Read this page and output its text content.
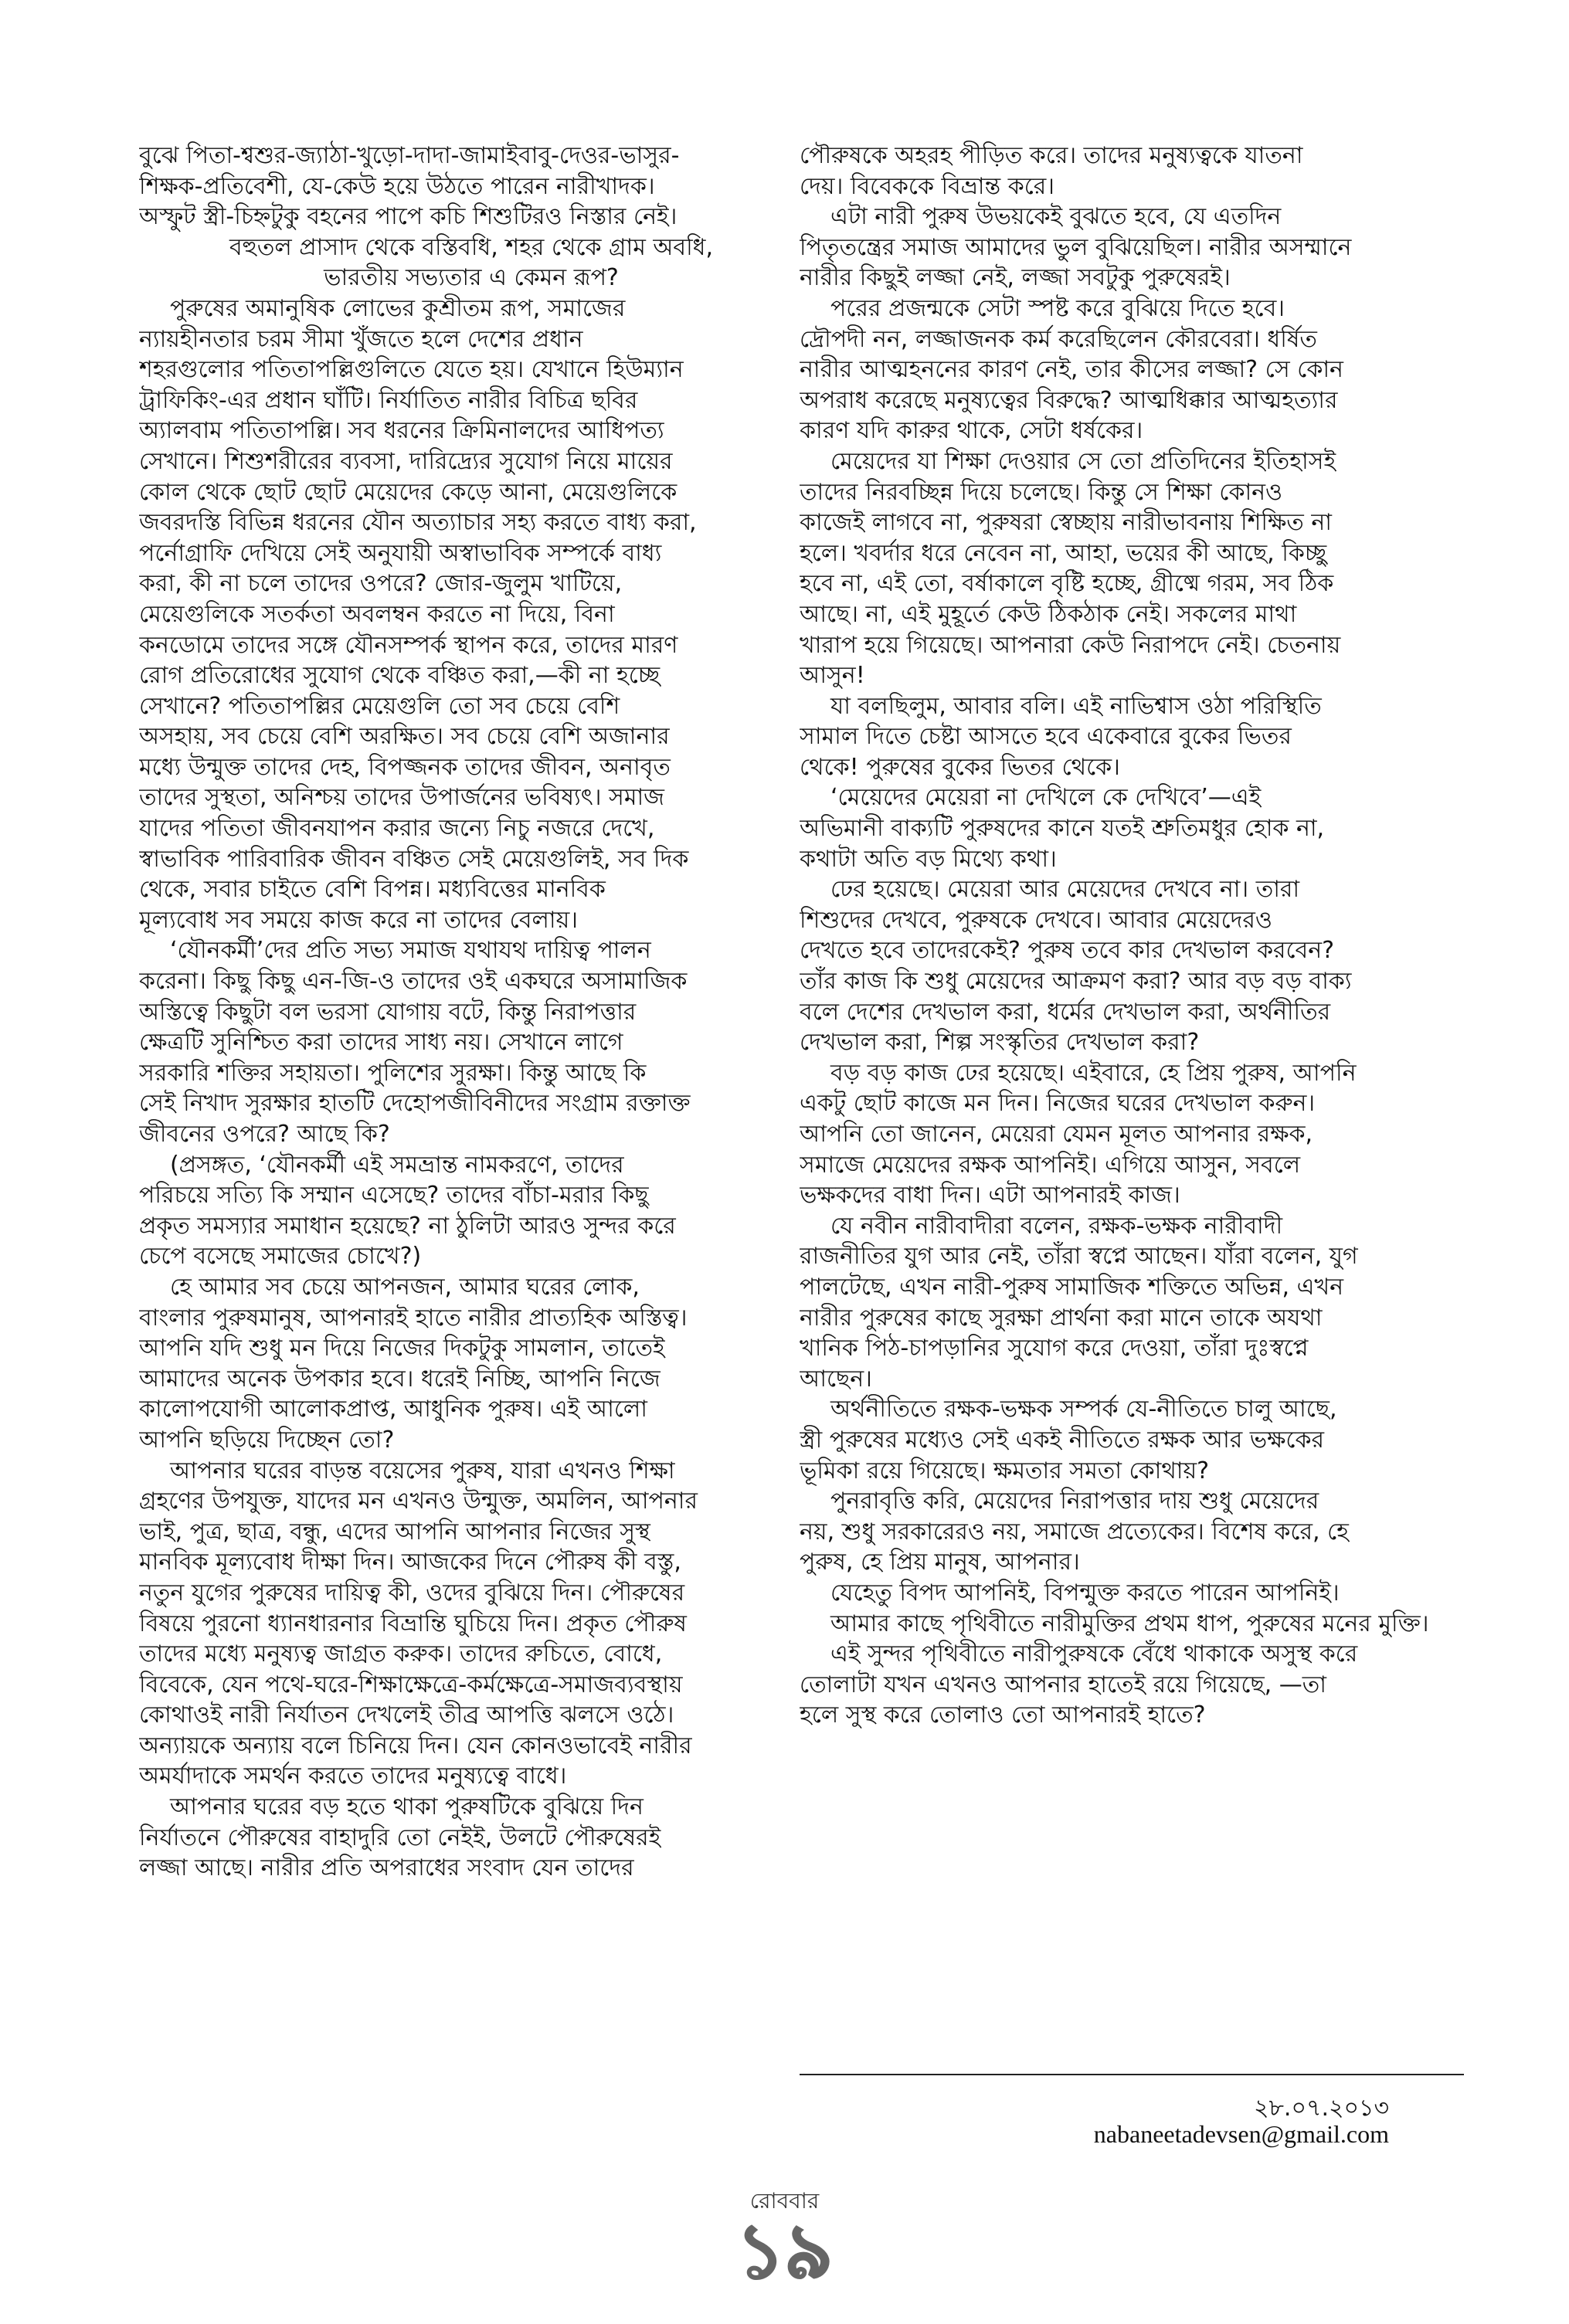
বুঝে পিতা-শ্বশুর-জ্যাঠা-খুড়ো-দাদা-জামাইবাবু-দেওর-ভাসুর-
শিক্ষক-প্রতিবেশী, যে-কেউ হয়ে উঠতে পারেন নারীখাদক।
অস্ফুট স্ত্রী-চিহ্নটুকু বহনের পাপে কচি শিশুটিরও নিস্তার নেই।
বহুতল প্রাসাদ থেকে বস্তিবধি, শহর থেকে গ্রাম অবধি,
ভারতীয় সভ্যতার এ কেমন রূপ?
পুরুষের অমানুষিক লোভের কুশ্রীতম রূপ, সমাজের
ন্যায়হীনতার চরম সীমা খুঁজতে হলে দেশের প্রধান
শহরগুলোর পতিতাপল্লিগুলিতে যেতে হয়। যেখানে হিউম্যান
ট্রাফিকিং-এর প্রধান ঘাঁটি। নির্যাতিত নারীর বিচিত্র ছবির
অ্যালবাম পতিতাপল্লি। সব ধরনের ক্রিমিনালদের আধিপত্য
সেখানে। শিশুশরীরের ব্যবসা, দারিদ্র্যের সুযোগ নিয়ে মায়ের
কোল থেকে ছোট ছোট মেয়েদের কেড়ে আনা, মেয়েগুলিকে
জবরদস্তি বিভিন্ন ধরনের যৌন অত্যাচার সহ্য করতে বাধ্য করা,
পর্নোগ্রাফি দেখিয়ে সেই অনুযায়ী অস্বাভাবিক সম্পর্কে বাধ্য
করা, কী না চলে তাদের ওপরে? জোর-জুলুম খাটিয়ে,
মেয়েগুলিকে সতর্কতা অবলম্বন করতে না দিয়ে, বিনা
কনডোমে তাদের সঙ্গে যৌনসম্পর্ক স্থাপন করে, তাদের মারণ
রোগ প্রতিরোধের সুযোগ থেকে বঞ্চিত করা,—কী না হচ্ছে
সেখানে? পতিতাপল্লির মেয়েগুলি তো সব চেয়ে বেশি
অসহায়, সব চেয়ে বেশি অরক্ষিত। সব চেয়ে বেশি অজানার
মধ্যে উন্মুক্ত তাদের দেহ, বিপজ্জনক তাদের জীবন, অনাবৃত
তাদের সুস্থতা, অনিশ্চয় তাদের উপার্জনের ভবিষ্যৎ। সমাজ
যাদের পতিতা জীবনযাপন করার জন্যে নিচু নজরে দেখে,
স্বাভাবিক পারিবারিক জীবন বঞ্চিত সেই মেয়েগুলিই, সব দিক
থেকে, সবার চাইতে বেশি বিপন্ন। মধ্যবিত্তের মানবিক
মূল্যবোধ সব সময়ে কাজ করে না তাদের বেলায়।
‘যৌনকর্মী’দের প্রতি সভ্য সমাজ যথাযথ দায়িত্ব পালন
করেনা। কিছু কিছু এন-জি-ও তাদের ওই একঘরে অসামাজিক
অস্তিত্বে কিছুটা বল ভরসা যোগায় বটে, কিন্তু নিরাপত্তার
ক্ষেত্রটি সুনিশ্চিত করা তাদের সাধ্য নয়। সেখানে লাগে
সরকারি শক্তির সহায়তা। পুলিশের সুরক্ষা। কিন্তু আছে কি
সেই নিখাদ সুরক্ষার হাতটি দেহোপজীবিনীদের সংগ্রাম রক্তাক্ত
জীবনের ওপরে? আছে কি?
(প্রসঙ্গত, ‘যৌনকর্মী এই সমভ্রান্ত নামকরণে, তাদের
পরিচয়ে সত্যি কি সম্মান এসেছে? তাদের বাঁচা-মরার কিছু
প্রকৃত সমস্যার সমাধান হয়েছে? না ঠুলিটা আরও সুন্দর করে
চেপে বসেছে সমাজের চোখে?)
হে আমার সব চেয়ে আপনজন, আমার ঘরের লোক,
বাংলার পুরুষমানুষ, আপনারই হাতে নারীর প্রাত্যহিক অস্তিত্ব।
আপনি যদি শুধু মন দিয়ে নিজের দিকটুকু সামলান, তাতেই
আমাদের অনেক উপকার হবে। ধরেই নিচ্ছি, আপনি নিজে
কালোপযোগী আলোকপ্রাপ্ত, আধুনিক পুরুষ। এই আলো
আপনি ছড়িয়ে দিচ্ছেন তো?
আপনার ঘরের বাড়ন্ত বয়েসের পুরুষ, যারা এখনও শিক্ষা
গ্রহণের উপযুক্ত, যাদের মন এখনও উন্মুক্ত, অমলিন, আপনার
ভাই, পুত্র, ছাত্র, বন্ধু, এদের আপনি আপনার নিজের সুস্থ
মানবিক মূল্যবোধ দীক্ষা দিন। আজকের দিনে পৌরুষ কী বস্তু,
নতুন যুগের পুরুষের দায়িত্ব কী, ওদের বুঝিয়ে দিন। পৌরুষের
বিষয়ে পুরনো ধ্যানধারনার বিভ্রান্তি ঘুচিয়ে দিন। প্রকৃত পৌরুষ
তাদের মধ্যে মনুষ্যত্ব জাগ্রত করুক। তাদের রুচিতে, বোধে,
বিবেকে, যেন পথে-ঘরে-শিক্ষাক্ষেত্রে-কর্মক্ষেত্রে-সমাজব্যবস্থায়
কোথাওই নারী নির্যাতন দেখলেই তীব্র আপত্তি ঝলসে ওঠে।
অন্যায়কে অন্যায় বলে চিনিয়ে দিন। যেন কোনওভাবেই নারীর
অমর্যাদাকে সমর্থন করতে তাদের মনুষ্যত্বে বাধে।
আপনার ঘরের বড় হতে থাকা পুরুষটিকে বুঝিয়ে দিন
নির্যাতনে পৌরুষের বাহাদুরি তো নেইই, উলটে পৌরুষেরই
লজ্জা আছে। নারীর প্রতি অপরাধের সংবাদ যেন তাদের
পৌরুষকে অহরহ পীড়িত করে। তাদের মনুষ্যত্বকে যাতনা
দেয়। বিবেককে বিভ্রান্ত করে।
এটা নারী পুরুষ উভয়কেই বুঝতে হবে, যে এতদিন
পিতৃতন্ত্রের সমাজ আমাদের ভুল বুঝিয়েছিল। নারীর অসম্মানে
নারীর কিছুই লজ্জা নেই, লজ্জা সবটুকু পুরুষেরই।
পরের প্রজন্মকে সেটা স্পষ্ট করে বুঝিয়ে দিতে হবে।
দ্রৌপদী নন, লজ্জাজনক কর্ম করেছিলেন কৌরবেরা। ধর্ষিত
নারীর আত্মহননের কারণ নেই, তার কীসের লজ্জা? সে কোন
অপরাধ করেছে মনুষ্যত্বের বিরুদ্ধে? আত্মধিক্কার আত্মহত্যার
কারণ যদি কারুর থাকে, সেটা ধর্ষকের।
মেয়েদের যা শিক্ষা দেওয়ার সে তো প্রতিদিনের ইতিহাসই
তাদের নিরবচ্ছিন্ন দিয়ে চলেছে। কিন্তু সে শিক্ষা কোনও
কাজেই লাগবে না, পুরুষরা স্বেচ্ছায় নারীভাবনায় শিক্ষিত না
হলে। খবর্দার ধরে নেবেন না, আহা, ভয়ের কী আছে, কিচ্ছু
হবে না, এই তো, বর্ষাকালে বৃষ্টি হচ্ছে, গ্রীষ্মে গরম, সব ঠিক
আছে। না, এই মুহূর্তে কেউ ঠিকঠাক নেই। সকলের মাথা
খারাপ হয়ে গিয়েছে। আপনারা কেউ নিরাপদে নেই। চেতনায়
আসুন!
যা বলছিলুম, আবার বলি। এই নাভিশ্বাস ওঠা পরিস্থিতি
সামাল দিতে চেষ্টা আসতে হবে একেবারে বুকের ভিতর
থেকে! পুরুষের বুকের ভিতর থেকে।
‘মেয়েদের মেয়েরা না দেখিলে কে দেখিবে’—এই
অভিমানী বাক্যটি পুরুষদের কানে যতই শ্রুতিমধুর হোক না,
কথাটা অতি বড় মিথ্যে কথা।
ঢের হয়েছে। মেয়েরা আর মেয়েদের দেখবে না। তারা
শিশুদের দেখবে, পুরুষকে দেখবে। আবার মেয়েদেরও
দেখতে হবে তাদেরকেই? পুরুষ তবে কার দেখভাল করবেন?
তাঁর কাজ কি শুধু মেয়েদের আক্রমণ করা? আর বড় বড় বাক্য
বলে দেশের দেখভাল করা, ধর্মের দেখভাল করা, অর্থনীতির
দেখভাল করা, শিল্প সংস্কৃতির দেখভাল করা?
বড় বড় কাজ ঢের হয়েছে। এইবারে, হে প্রিয় পুরুষ, আপনি
একটু ছোট কাজে মন দিন। নিজের ঘরের দেখভাল করুন।
আপনি তো জানেন, মেয়েরা যেমন মূলত আপনার রক্ষক,
সমাজে মেয়েদের রক্ষক আপনিই। এগিয়ে আসুন, সবলে
ভক্ষকদের বাধা দিন। এটা আপনারই কাজ।
যে নবীন নারীবাদীরা বলেন, রক্ষক-ভক্ষক নারীবাদী
রাজনীতির যুগ আর নেই, তাঁরা স্বপ্নে আছেন। যাঁরা বলেন, যুগ
পালটেছে, এখন নারী-পুরুষ সামাজিক শক্তিতে অভিন্ন, এখন
নারীর পুরুষের কাছে সুরক্ষা প্রার্থনা করা মানে তাকে অযথা
খানিক পিঠ-চাপড়ানির সুযোগ করে দেওয়া, তাঁরা দুঃস্বপ্নে
আছেন।
অর্থনীতিতে রক্ষক-ভক্ষক সম্পর্ক যে-নীতিতে চালু আছে,
স্ত্রী পুরুষের মধ্যেও সেই একই নীতিতে রক্ষক আর ভক্ষকের
ভূমিকা রয়ে গিয়েছে। ক্ষমতার সমতা কোথায়?
পুনরাবৃত্তি করি, মেয়েদের নিরাপত্তার দায় শুধু মেয়েদের
নয়, শুধু সরকারেরও নয়, সমাজে প্রত্যেকের। বিশেষ করে, হে
পুরুষ, হে প্রিয় মানুষ, আপনার।
যেহেতু বিপদ আপনিই, বিপন্মুক্ত করতে পারেন আপনিই।
আমার কাছে পৃথিবীতে নারীমুক্তির প্রথম ধাপ, পুরুষের মনের মুক্তি।
এই সুন্দর পৃথিবীতে নারীপুরুষকে বেঁধে থাকাকে অসুস্থ করে
তোলাটা যখন এখনও আপনার হাতেই রয়ে গিয়েছে, —তা
হলে সুস্থ করে তোলাও তো আপনারই হাতে?
২৮.০৭.২০১৩
nabaneetadevsen@gmail.com
রোববার
১৯
